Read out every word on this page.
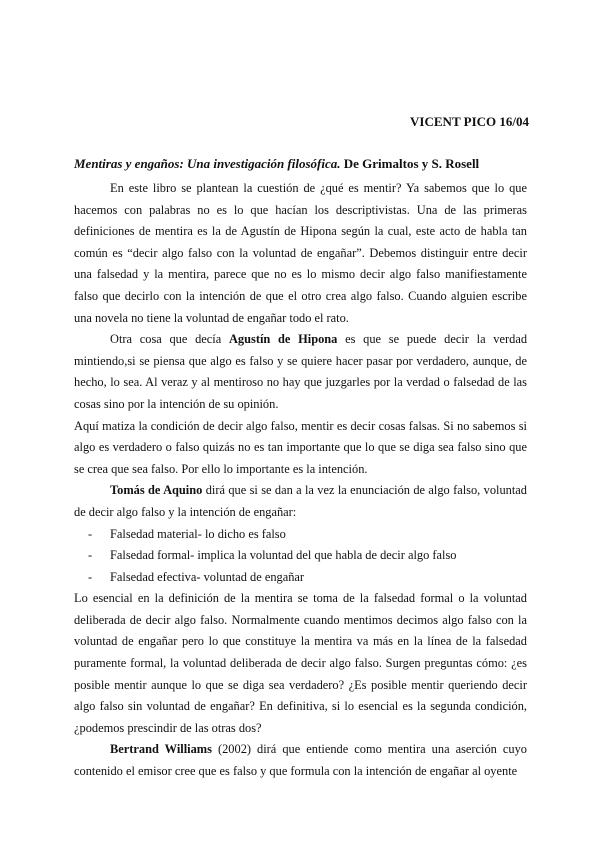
VICENT PICO 16/04
Mentiras y engaños: Una investigación filosófica. De Grimaltos y S. Rosell

En este libro se plantean la cuestión de ¿qué es mentir? Ya sabemos que lo que hacemos con palabras no es lo que hacían los descriptivistas. Una de las primeras definiciones de mentira es la de Agustín de Hipona según la cual, este acto de habla tan común es “decir algo falso con la voluntad de engañar”. Debemos distinguir entre decir una falsedad y la mentira, parece que no es lo mismo decir algo falso manifiestamente falso que decirlo con la intención de que el otro crea algo falso. Cuando alguien escribe una novela no tiene la voluntad de engañar todo el rato.

Otra cosa que decía Agustín de Hipona es que se puede decir la verdad mintiendo,si se piensa que algo es falso y se quiere hacer pasar por verdadero, aunque, de hecho, lo sea. Al veraz y al mentiroso no hay que juzgarles por la verdad o falsedad de las cosas sino por la intención de su opinión.

Aquí matiza la condición de decir algo falso, mentir es decir cosas falsas. Si no sabemos si algo es verdadero o falso quizás no es tan importante que lo que se diga sea falso sino que se crea que sea falso. Por ello lo importante es la intención.

Tomás de Aquino dirá que si se dan a la vez la enunciación de algo falso, voluntad de decir algo falso y la intención de engañar:

- Falsedad material- lo dicho es falso
- Falsedad formal- implica la voluntad del que habla de decir algo falso
- Falsedad efectiva- voluntad de engañar

Lo esencial en la definición de la mentira se toma de la falsedad formal o la voluntad deliberada de decir algo falso. Normalmente cuando mentimos decimos algo falso con la voluntad de engañar pero lo que constituye la mentira va más en la línea de la falsedad puramente formal, la voluntad deliberada de decir algo falso. Surgen preguntas cómo: ¿es posible mentir aunque lo que se diga sea verdadero? ¿Es posible mentir queriendo decir algo falso sin voluntad de engañar? En definitiva, si lo esencial es la segunda condición, ¿podemos prescindir de las otras dos?

Bertrand Williams (2002) dirá que entiende como mentira una aserción cuyo contenido el emisor cree que es falso y que formula con la intención de engañar al oyente
